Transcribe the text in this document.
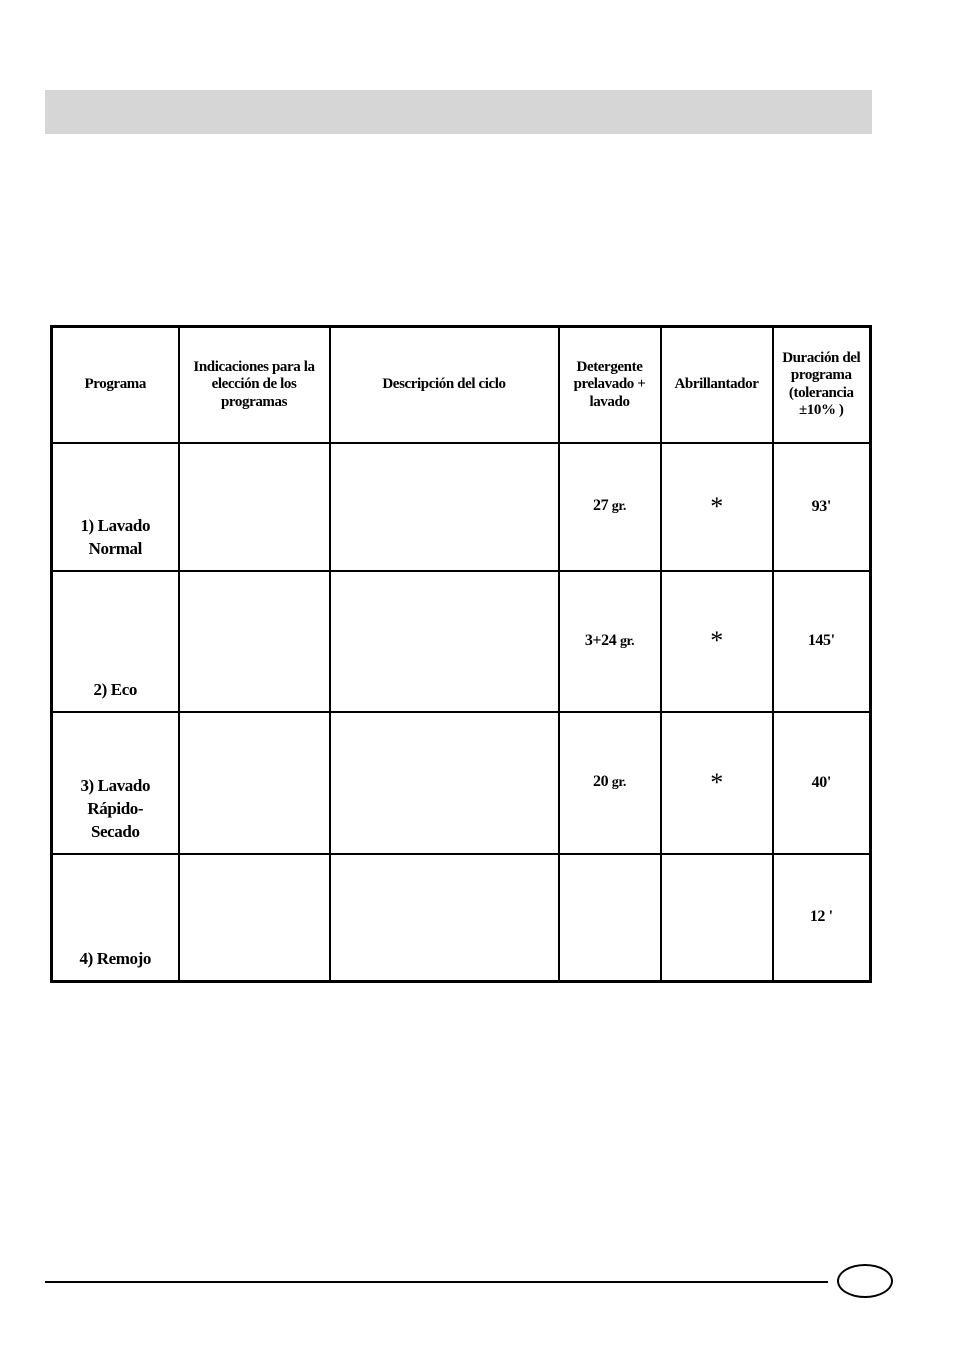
Programa	Indicaciones para la elección de los programas	Descripción del ciclo	Detergente prelavado + lavado	Abrillantador	Duración del programa (tolerancia ±10% )

1) Lavado
Normal			27 gr.	*	93'

2) Eco			3+24 gr.	*	145'

3) Lavado
Rápido-
Secado			20 gr.	*	40'

4) Remojo					12 '
